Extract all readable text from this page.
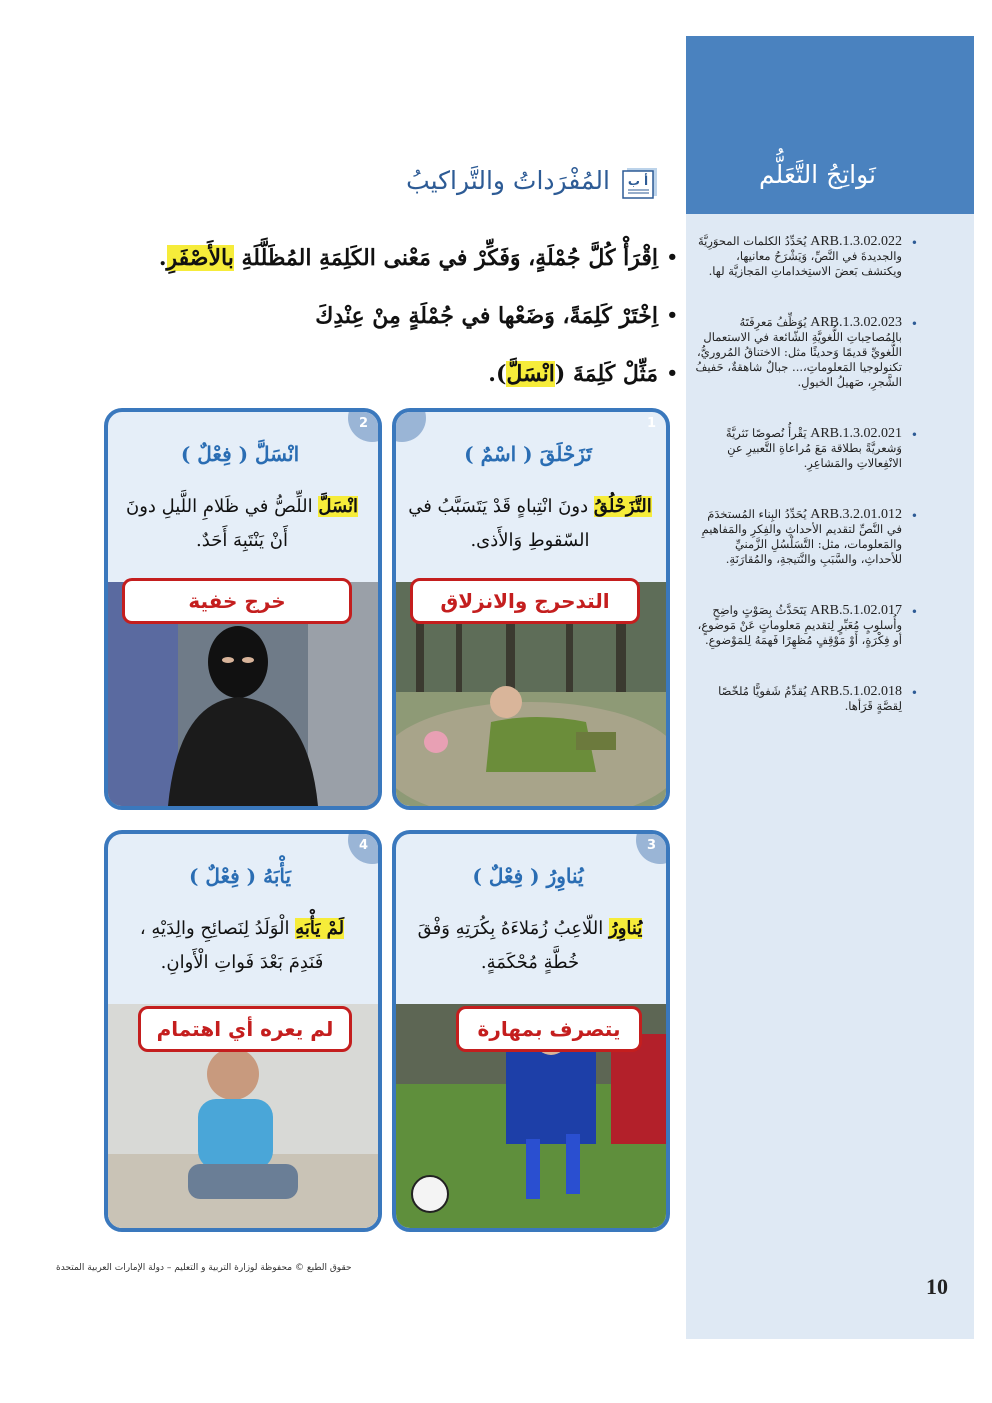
نَواتِجُ التَّعَلُّم
•
ARB.1.3.02.022 يُحَدِّدُ الكلمات المحوَرِيَّةَ والجديدةَ في النَّصِّ، وَيَشْرَحُ معانيها، ويكتشف بَعضَ الاستِخداماتِ المَجازيَّة لها.
•
ARB.1.3.02.023 يُوَظِّفُ مَعرِفَتَهُ بالمُصاحِباتِ اللُّغويَّةِ الشّائعة في الاستعمال اللُّغويِّ قديمًا وَحديثًا مثل: الاختناقُ المُروريُّ، تكنولوجيا المَعلوماتِ،... جبالٌ شاهقةٌ، حَفيفُ الشَّجرِ، صَهيلُ الخيولِ.
•
ARB.1.3.02.021 يَقْرأُ نُصوصًا نَثريَّةً وَشعريَّةً بطلاقة مَعَ مُراعاةِ التَّعبيرِ عنِ الانْفِعالاتِ والمَشاعِرِ.
•
ARB.3.2.01.012 يُحَدِّدُ البِناء المُستخدَمَ في النَّصِّ لتقديم الأحداثِ والفِكرِ والمَفاهيمِ والمَعلومات، مثل: التَّسَلْسُلِ الزَّمنيِّ للأحداثِ، والسَّبَبِ والنَّتيجةِ، والمُقارَنَةِ.
•
ARB.5.1.02.017 يَتَحَدَّثُ بِصَوْتٍ واضِحٍ وأُسلوبٍ مُعَبِّرٍ لِتقديمِ مَعلوماتٍ عَنْ مَوضوعٍ، أو فِكْرَةٍ، أَوْ مَوْقِفٍ مُظهِرًا فَهمَهُ لِلمَوْضوعِ.
•
ARB.5.1.02.018 يُقدِّمُ شَفويًّا مُلخّصًا لِقصَّةٍ قَرَأها.
أ ب
المُفْرَداتُ والتَّراكيبُ
•
اِقْرَأْ كُلَّ جُمْلَةٍ، وَفَكِّرْ في مَعْنى الكَلِمَةِ المُظَلَّلَةِ بالأَصْفَرِ.
•
اِخْتَرْ كَلِمَةً، وَضَعْها في جُمْلَةٍ مِنْ عِنْدِكَ
•
مَثِّلْ كَلِمَةَ (انْسَلَّ).
1
تَزَحْلَقَ ( اسْمٌ )
التَّزَحْلُقُ دونَ انْتِباهٍ قَدْ يَتَسَبَّبُ في السّقوطِ وَالأَذى.
التدحرج والانزلاق
2
انْسَلَّ ( فِعْلٌ )
انْسَلَّ اللِّصُّ في ظَلامِ اللَّيلِ دونَ أَنْ يَنْتَبِهَ أَحَدٌ.
خرج خفية
3
يُناوِرُ ( فِعْلٌ )
يُناوِرُ اللّاعِبُ زُمَلاءَهُ بِكُرَتِهِ وَفْقَ خُطَّةٍ مُحْكَمَةٍ.
يتصرف بمهارة
4
يَأْبَهُ ( فِعْلٌ )
لَمْ يَأْبَهِ الْوَلَدُ لِنَصائِحِ والِدَيْهِ ، فَنَدِمَ بَعْدَ فَواتِ الْأَوانِ.
لم يعره أي اهتمام
حقوق الطبع © محفوظة لوزارة التربية و التعليم – دولة الإمارات العربية المتحدة
10
